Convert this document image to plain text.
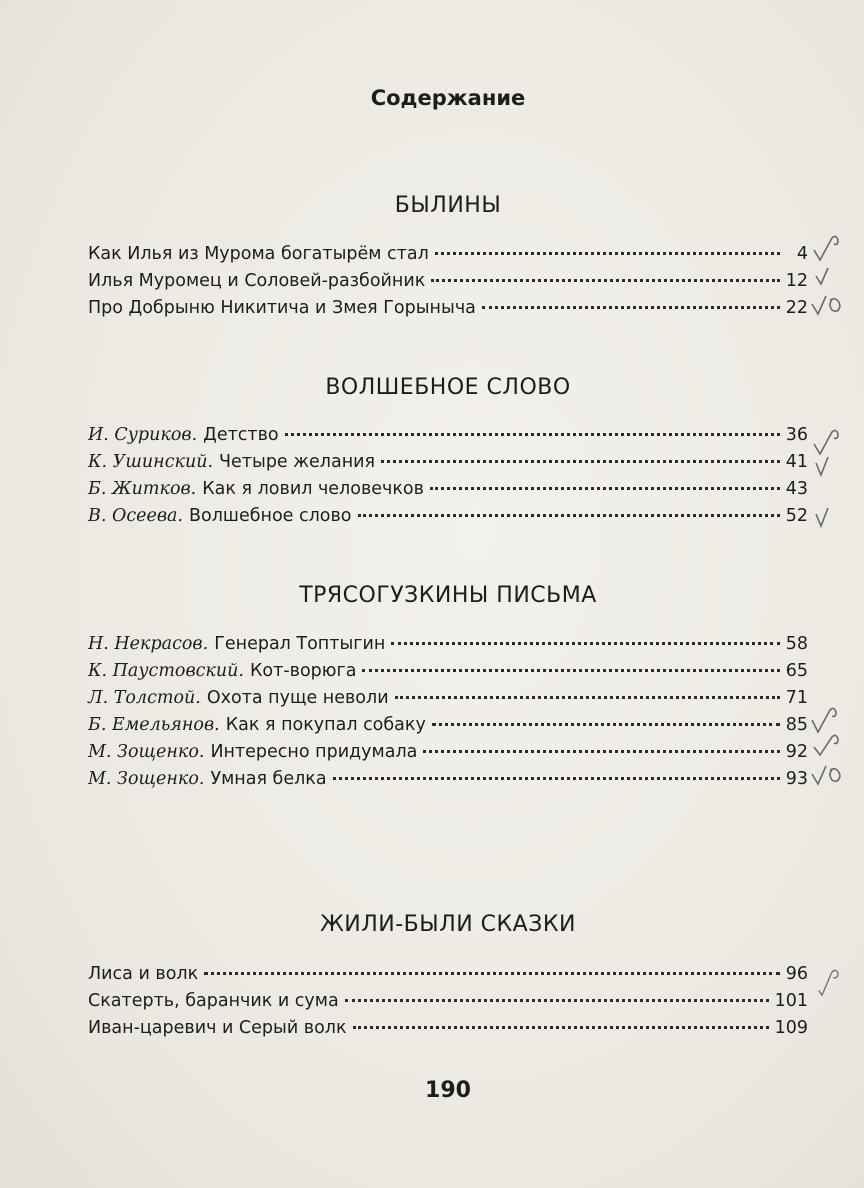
Содержание
БЫЛИНЫ
Как Илья из Мурома богатырём стал	4
Илья Муромец и Соловей-разбойник	12
Про Добрыню Никитича и Змея Горыныча	22
ВОЛШЕБНОЕ СЛОВО
И. Суриков. Детство	36
К. Ушинский. Четыре желания	41
Б. Житков. Как я ловил человечков	43
В. Осеева. Волшебное слово	52
ТРЯСОГУЗКИНЫ ПИСЬМА
Н. Некрасов. Генерал Топтыгин	58
К. Паустовский. Кот-ворюга	65
Л. Толстой. Охота пуще неволи	71
Б. Емельянов. Как я покупал собаку	85
М. Зощенко. Интересно придумала	92
М. Зощенко. Умная белка	93
ЖИЛИ-БЫЛИ СКАЗКИ
Лиса и волк	96
Скатерть, баранчик и сума	101
Иван-царевич и Серый волк	109
190
